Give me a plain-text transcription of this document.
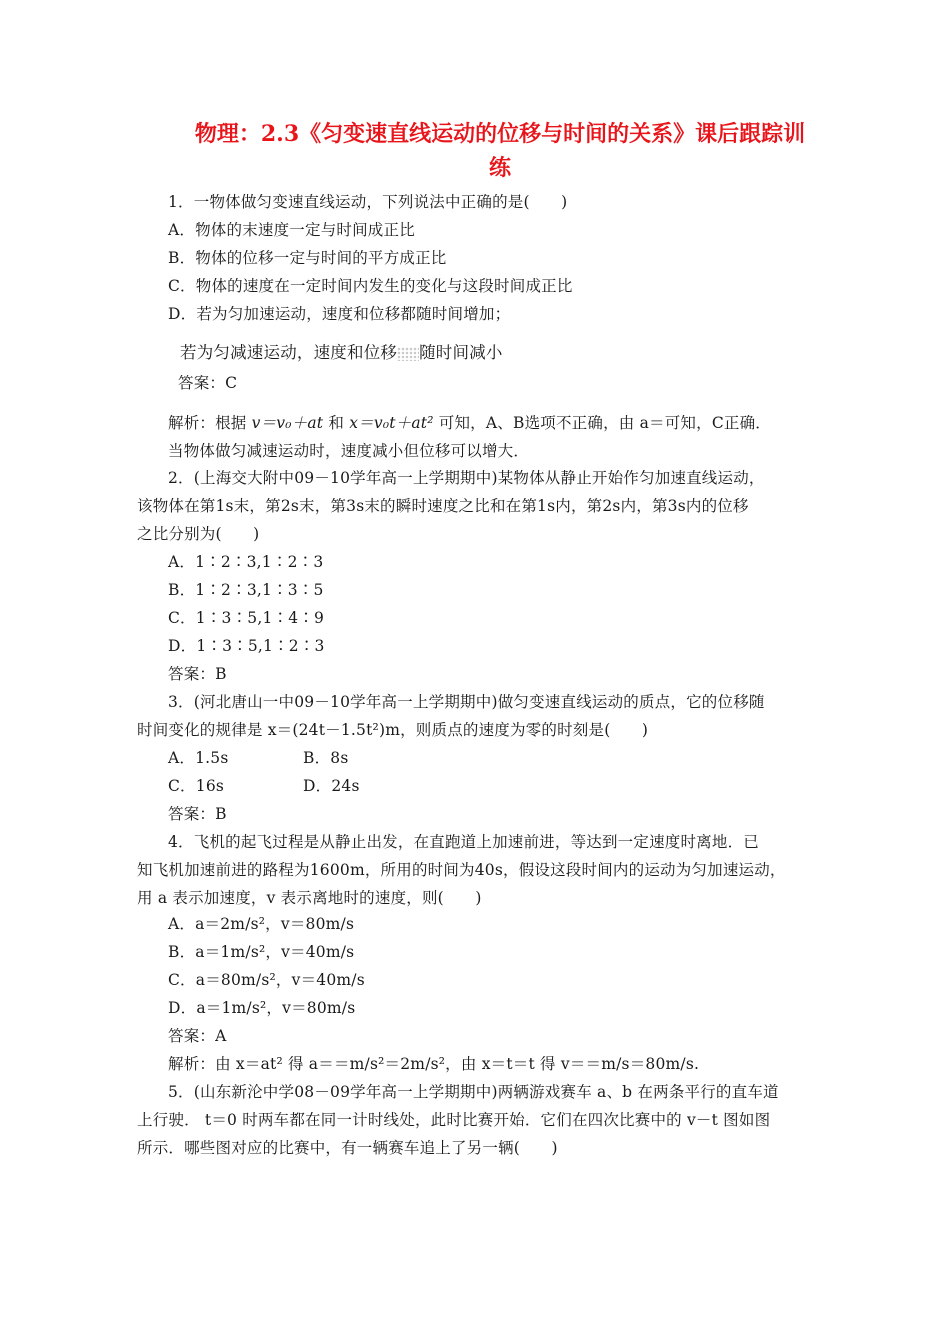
物理：2.3《匀变速直线运动的位移与时间的关系》课后跟踪训
练
1．一物体做匀变速直线运动，下列说法中正确的是(　　)
A．物体的末速度一定与时间成正比
B．物体的位移一定与时间的平方成正比
C．物体的速度在一定时间内发生的变化与这段时间成正比
D．若为匀加速运动，速度和位移都随时间增加；
若为匀减速运动，速度和位移 随时间减小
答案：C
解析：根据 v＝v₀＋at 和 x＝v₀t＋at² 可知，A、B选项不正确，由 a＝可知，C正确．
当物体做匀减速运动时，速度减小但位移可以增大．
2．(上海交大附中09－10学年高一上学期期中)某物体从静止开始作匀加速直线运动，
该物体在第1s末，第2s末，第3s末的瞬时速度之比和在第1s内，第2s内，第3s内的位移
之比分别为(　　)
A．1∶2∶3,1∶2∶3
B．1∶2∶3,1∶3∶5
C．1∶3∶5,1∶4∶9
D．1∶3∶5,1∶2∶3
答案：B
3．(河北唐山一中09－10学年高一上学期期中)做匀变速直线运动的质点，它的位移随
时间变化的规律是 x＝(24t－1.5t²)m，则质点的速度为零的时刻是(　　)
A．1.5s	B．8s
C．16s	D．24s
答案：B
4．飞机的起飞过程是从静止出发，在直跑道上加速前进，等达到一定速度时离地．已
知飞机加速前进的路程为1600m，所用的时间为40s，假设这段时间内的运动为匀加速运动，
用 a 表示加速度，v 表示离地时的速度，则(　　)
A．a＝2m/s²，v＝80m/s
B．a＝1m/s²，v＝40m/s
C．a＝80m/s²，v＝40m/s
D．a＝1m/s²，v＝80m/s
答案：A
解析：由 x＝at² 得 a＝＝m/s²＝2m/s²，由 x＝t＝t 得 v＝＝m/s＝80m/s.
5．(山东新沦中学08－09学年高一上学期期中)两辆游戏赛车 a、b 在两条平行的直车道
上行驶． t＝0 时两车都在同一计时线处，此时比赛开始．它们在四次比赛中的 v－t 图如图
所示．哪些图对应的比赛中，有一辆赛车追上了另一辆(　　)
